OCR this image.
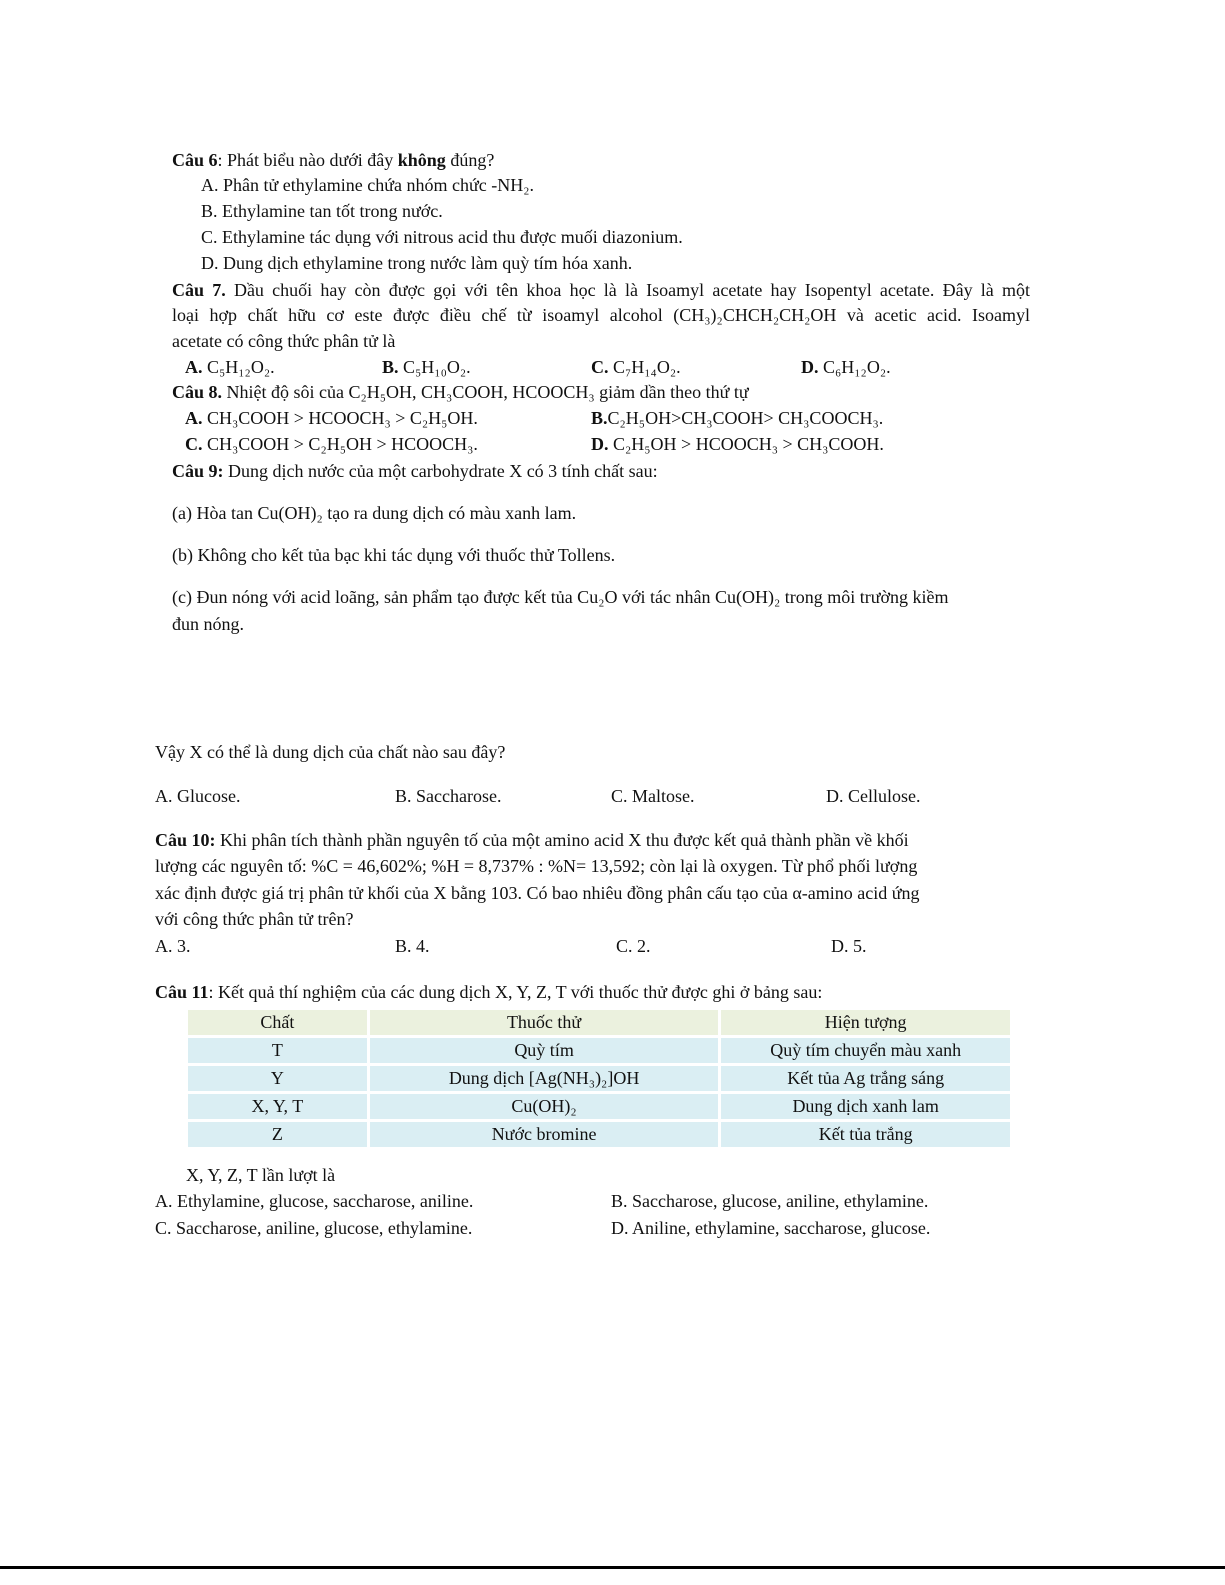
Câu 6: Phát biểu nào dưới đây không đúng?
A. Phân tử ethylamine chứa nhóm chức -NH₂.
B. Ethylamine tan tốt trong nước.
C. Ethylamine tác dụng với nitrous acid thu được muối diazonium.
D. Dung dịch ethylamine trong nước làm quỳ tím hóa xanh.
Câu 7. Dầu chuối hay còn được gọi với tên khoa học là là Isoamyl acetate hay Isopentyl acetate. Đây là một
loại hợp chất hữu cơ este được điều chế từ isoamyl alcohol (CH₃)₂CHCH₂CH₂OH và acetic acid. Isoamyl
acetate có công thức phân tử là
A. C₅H₁₂O₂.	B. C₅H₁₀O₂.	C. C₇H₁₄O₂.	D. C₆H₁₂O₂.
Câu 8. Nhiệt độ sôi của C₂H₅OH, CH₃COOH, HCOOCH₃ giảm dần theo thứ tự
A. CH₃COOH > HCOOCH₃ > C₂H₅OH.	B.C₂H₅OH>CH₃COOH> CH₃COOCH₃.
C. CH₃COOH > C₂H₅OH > HCOOCH₃.	D. C₂H₅OH > HCOOCH₃ > CH₃COOH.
Câu 9: Dung dịch nước của một carbohydrate X có 3 tính chất sau:
(a) Hòa tan Cu(OH)₂ tạo ra dung dịch có màu xanh lam.
(b) Không cho kết tủa bạc khi tác dụng với thuốc thử Tollens.
(c) Đun nóng với acid loãng, sản phẩm tạo được kết tủa Cu₂O với tác nhân Cu(OH)₂ trong môi trường kiềm
đun nóng.
Vậy X có thể là dung dịch của chất nào sau đây?
A. Glucose.	B. Saccharose.	C. Maltose.	D. Cellulose.
Câu 10: Khi phân tích thành phần nguyên tố của một amino acid X thu được kết quả thành phần về khối
lượng các nguyên tố: %C = 46,602%; %H = 8,737% : %N= 13,592; còn lại là oxygen. Từ phổ phối lượng
xác định được giá trị phân tử khối của X bằng 103. Có bao nhiêu đồng phân cấu tạo của α-amino acid ứng
với công thức phân tử trên?
A. 3.	B. 4.	C. 2.	D. 5.
Câu 11: Kết quả thí nghiệm của các dung dịch X, Y, Z, T với thuốc thử được ghi ở bảng sau:
Chất	Thuốc thử	Hiện tượng
T	Quỳ tím	Quỳ tím chuyển màu xanh
Y	Dung dịch [Ag(NH₃)₂]OH	Kết tủa Ag trắng sáng
X, Y, T	Cu(OH)₂	Dung dịch xanh lam
Z	Nước bromine	Kết tủa trắng
X, Y, Z, T lần lượt là
A. Ethylamine, glucose, saccharose, aniline.	B. Saccharose, glucose, aniline, ethylamine.
C. Saccharose, aniline, glucose, ethylamine.	D. Aniline, ethylamine, saccharose, glucose.
